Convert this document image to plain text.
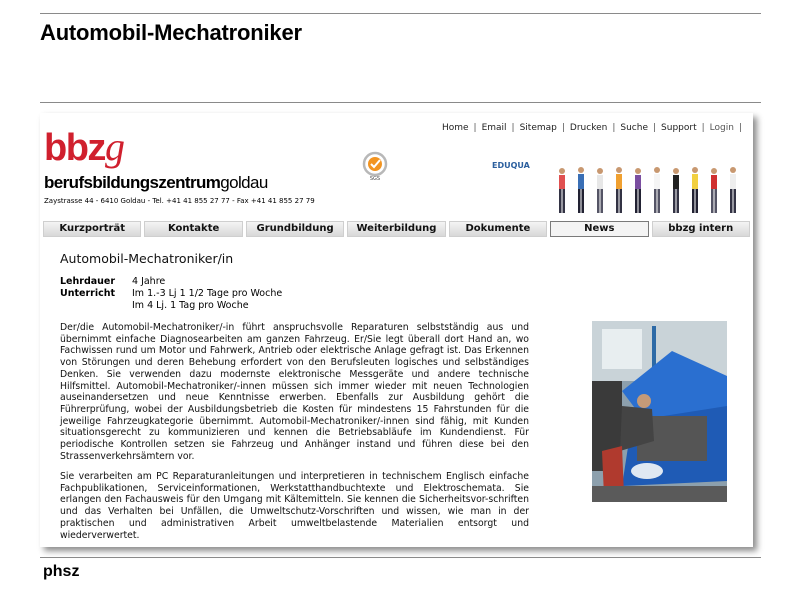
Automobil-Mechatroniker
Home | Email | Sitemap | Drucken | Suche | Support | Login |
bbzg
berufsbildungszentrumgoldau
Zaystrasse 44 - 6410 Goldau - Tel. +41 41 855 27 77 - Fax +41 41 855 27 79
SGS
EDUQUA
Kurzporträt	Kontakte	Grundbildung	Weiterbildung	Dokumente	News	bbzg intern
Automobil-Mechatroniker/in
Lehrdauer	4 Jahre
Unterricht	Im 1.-3 Lj 1 1/2 Tage pro Woche
Im 4 Lj. 1 Tag pro Woche

Der/die Automobil-Mechatroniker/-in führt anspruchsvolle Reparaturen selbstständig aus und übernimmt einfache Diagnosearbeiten am ganzen Fahrzeug. Er/Sie legt überall dort Hand an, wo Fachwissen rund um Motor und Fahrwerk, Antrieb oder elektrische Anlage gefragt ist. Das Erkennen von Störungen und deren Behebung erfordert von den Berufsleuten logisches und selbständiges Denken. Sie verwenden dazu modernste elektronische Messgeräte und andere technische Hilfsmittel. Automobil-Mechatroniker/-innen müssen sich immer wieder mit neuen Technologien auseinandersetzen und neue Kenntnisse erwerben. Ebenfalls zur Ausbildung gehört die Führerprüfung, wobei der Ausbildungsbetrieb die Kosten für mindestens 15 Fahrstunden für die jeweilige Fahrzeugkategorie übernimmt. Automobil-Mechatroniker/-innen sind fähig, mit Kunden situationsgerecht zu kommunizieren und kennen die Betriebsabläufe im Kundendienst. Für periodische Kontrollen setzen sie Fahrzeug und Anhänger instand und führen diese bei den Strassenverkehrsämtern vor.

Sie verarbeiten am PC Reparaturanleitungen und interpretieren in technischem Englisch einfache Fachpublikationen, Serviceinformationen, Werkstatthandbuchtexte und Elektroschemata. Sie erlangen den Fachausweis für den Umgang mit Kältemitteln. Sie kennen die Sicherheitsvor-schriften und das Verhalten bei Unfällen, die Umweltschutz-Vorschriften und wissen, wie man in der praktischen und administrativen Arbeit umweltbelastende Materialien entsorgt und wiederverwertet.

phsz
